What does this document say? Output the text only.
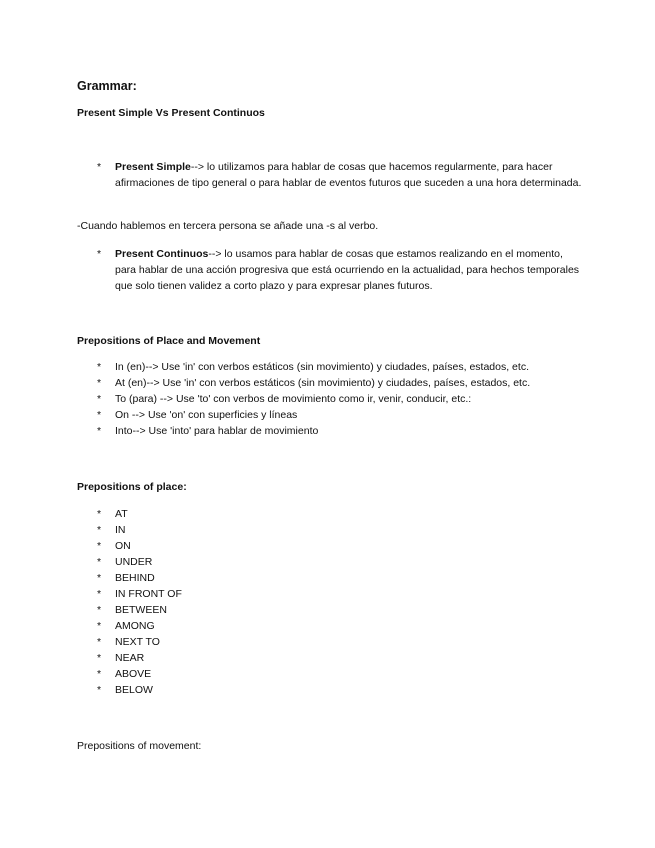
Grammar:
Present Simple Vs Present Continuos
* Present Simple--> lo utilizamos para hablar de cosas que hacemos regularmente, para hacer afirmaciones de tipo general o para hablar de eventos futuros que suceden a una hora determinada.
-Cuando hablemos en tercera persona se añade una -s al verbo.
* Present Continuos--> lo usamos para hablar de cosas que estamos realizando en el momento, para hablar de una acción progresiva que está ocurriendo en la actualidad, para hechos temporales que solo tienen validez a corto plazo y para expresar planes futuros.
Prepositions of Place and Movement
* In (en)--> Use 'in' con verbos estáticos (sin movimiento) y ciudades, países, estados, etc.
* At (en)--> Use 'in' con verbos estáticos (sin movimiento) y ciudades, países, estados, etc.
* To (para) --> Use 'to' con verbos de movimiento como ir, venir, conducir, etc.:
* On --> Use 'on' con superficies y líneas
* Into--> Use 'into' para hablar de movimiento
Prepositions of place:
* AT
* IN
* ON
* UNDER
* BEHIND
* IN FRONT OF
* BETWEEN
* AMONG
* NEXT TO
* NEAR
* ABOVE
* BELOW
Prepositions of movement:
